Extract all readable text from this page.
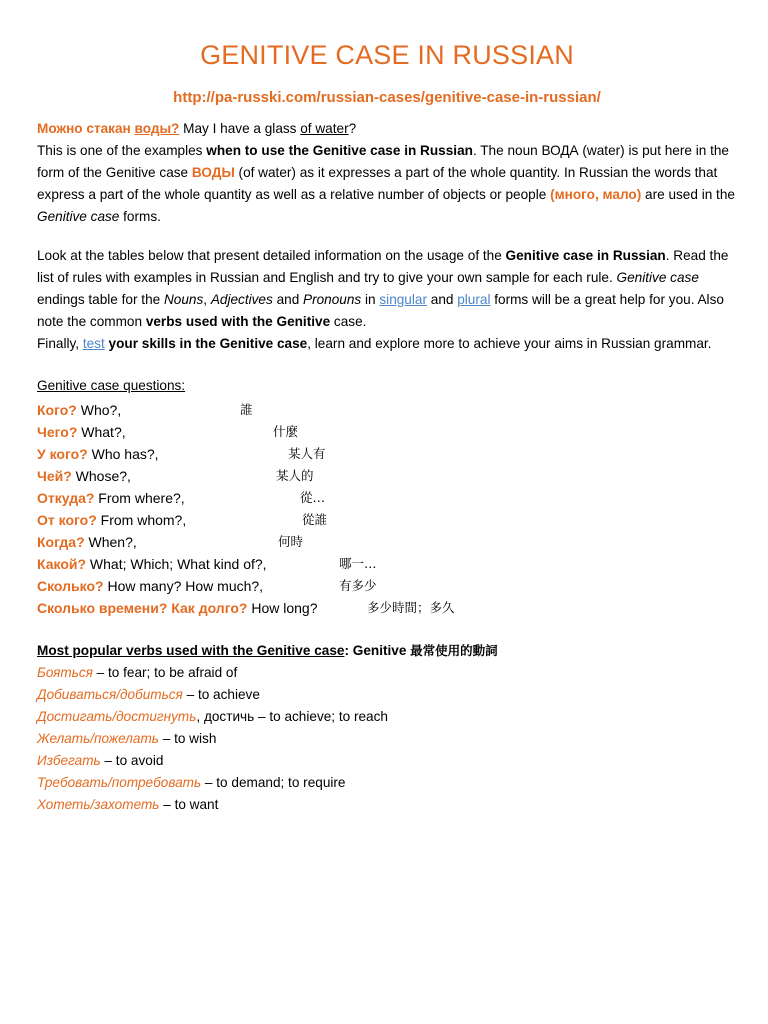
GENITIVE CASE IN RUSSIAN
http://pa-russki.com/russian-cases/genitive-case-in-russian/
Можно стакан воды? May I have a glass of water?
This is one of the examples when to use the Genitive case in Russian. The noun ВОДА (water) is put here in the form of the Genitive case ВОДЫ (of water) as it expresses a part of the whole quantity. In Russian the words that express a part of the whole quantity as well as a relative number of objects or people (много, мало) are used in the Genitive case forms.
Look at the tables below that present detailed information on the usage of the Genitive case in Russian. Read the list of rules with examples in Russian and English and try to give your own sample for each rule. Genitive case endings table for the Nouns, Adjectives and Pronouns in singular and plural forms will be a great help for you. Also note the common verbs used with the Genitive case.
Finally, test your skills in the Genitive case, learn and explore more to achieve your aims in Russian grammar.
Genitive case questions:
Кого? Who?,	誰
Чего? What?,	什麼
У кого? Who has?,	某人有
Чей? Whose?,	某人的
Откуда? From where?,	從…
От кого? From whom?,	從誰
Когда? When?,	何時
Какой? What; Which; What kind of?,	哪一…
Сколько? How many? How much?,	有多少
Сколько времени? Как долго? How long?	多少時間；多久
Most popular verbs used with the Genitive case: Genitive 最常使用的動詞
Бояться – to fear; to be afraid of
Добиваться/добиться – to achieve
Достигать/достигнуть, достичь – to achieve; to reach
Желать/пожелать – to wish
Избегать – to avoid
Требовать/потребовать – to demand; to require
Хотеть/захотеть – to want
